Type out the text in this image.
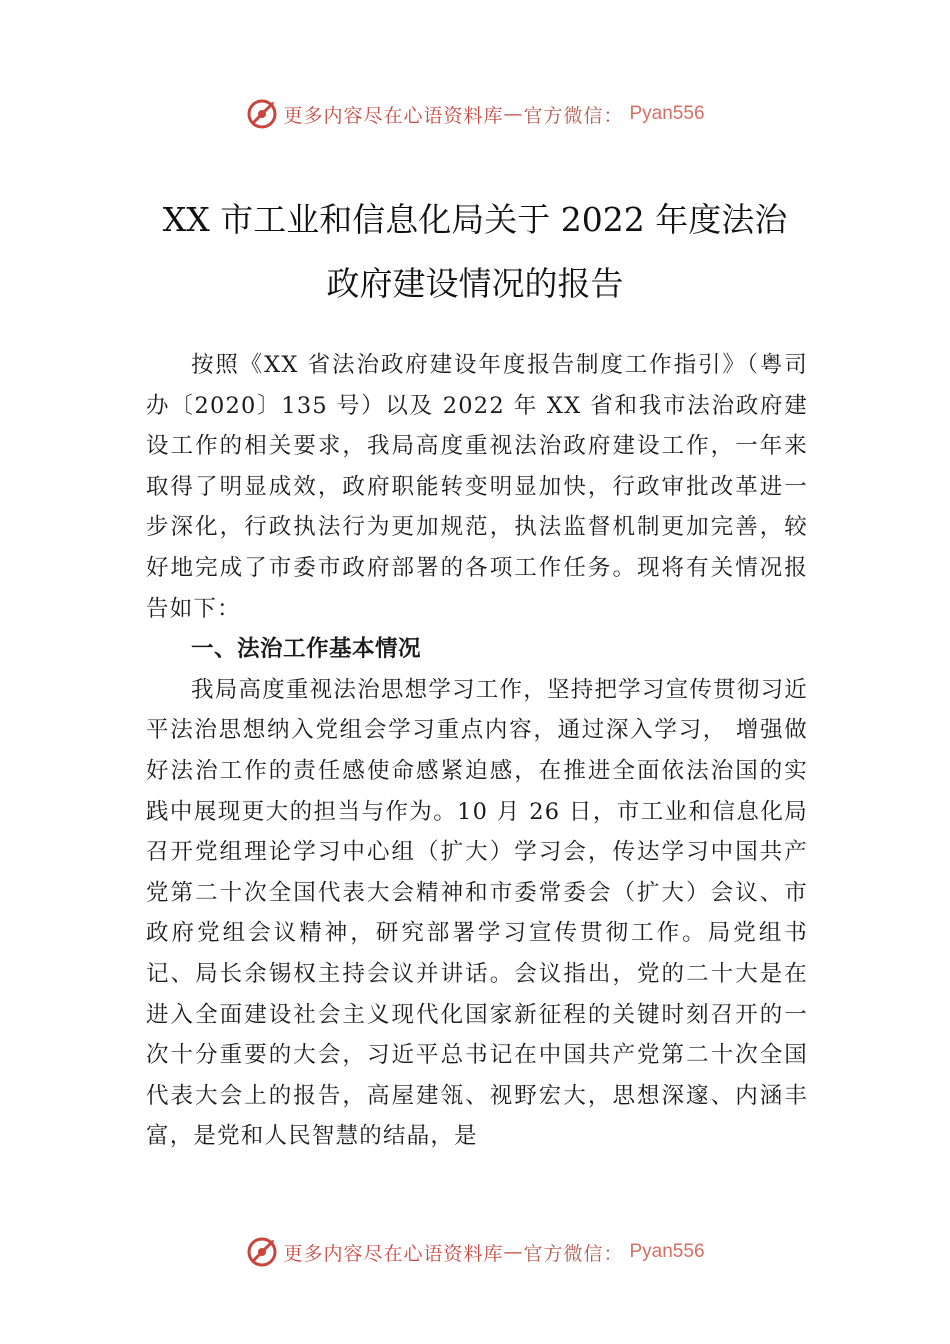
更多内容尽在心语资料库 — 官方微信： Pyan556
XX 市工业和信息化局关于 2022 年度法治
政府建设情况的报告

按照《XX 省法治政府建设年度报告制度工作指引》（粤司办〔2020〕135 号）以及 2022 年 XX 省和我市法治政府建设工作的相关要求，我局高度重视法治政府建设工作，一年来取得了明显成效，政府职能转变明显加快，行政审批改革进一步深化，行政执法行为更加规范，执法监督机制更加完善，较好地完成了市委市政府部署的各项工作任务。现将有关情况报告如下：

一、法治工作基本情况

我局高度重视法治思想学习工作，坚持把学习宣传贯彻习近平法治思想纳入党组会学习重点内容，通过深入学习， 增强做好法治工作的责任感使命感紧迫感，在推进全面依法治国的实践中展现更大的担当与作为。10 月 26 日，市工业和信息化局召开党组理论学习中心组（扩大）学习会，传达学习中国共产党第二十次全国代表大会精神和市委常委会（扩大）会议、市政府党组会议精神，研究部署学习宣传贯彻工作。局党组书记、局长余锡权主持会议并讲话。会议指出，党的二十大是在进入全面建设社会主义现代化国家新征程的关键时刻召开的一次十分重要的大会，习近平总书记在中国共产党第二十次全国代表大会上的报告，高屋建瓴、视野宏大，思想深邃、内涵丰富，是党和人民智慧的结晶，是

更多内容尽在心语资料库 — 官方微信： Pyan556
